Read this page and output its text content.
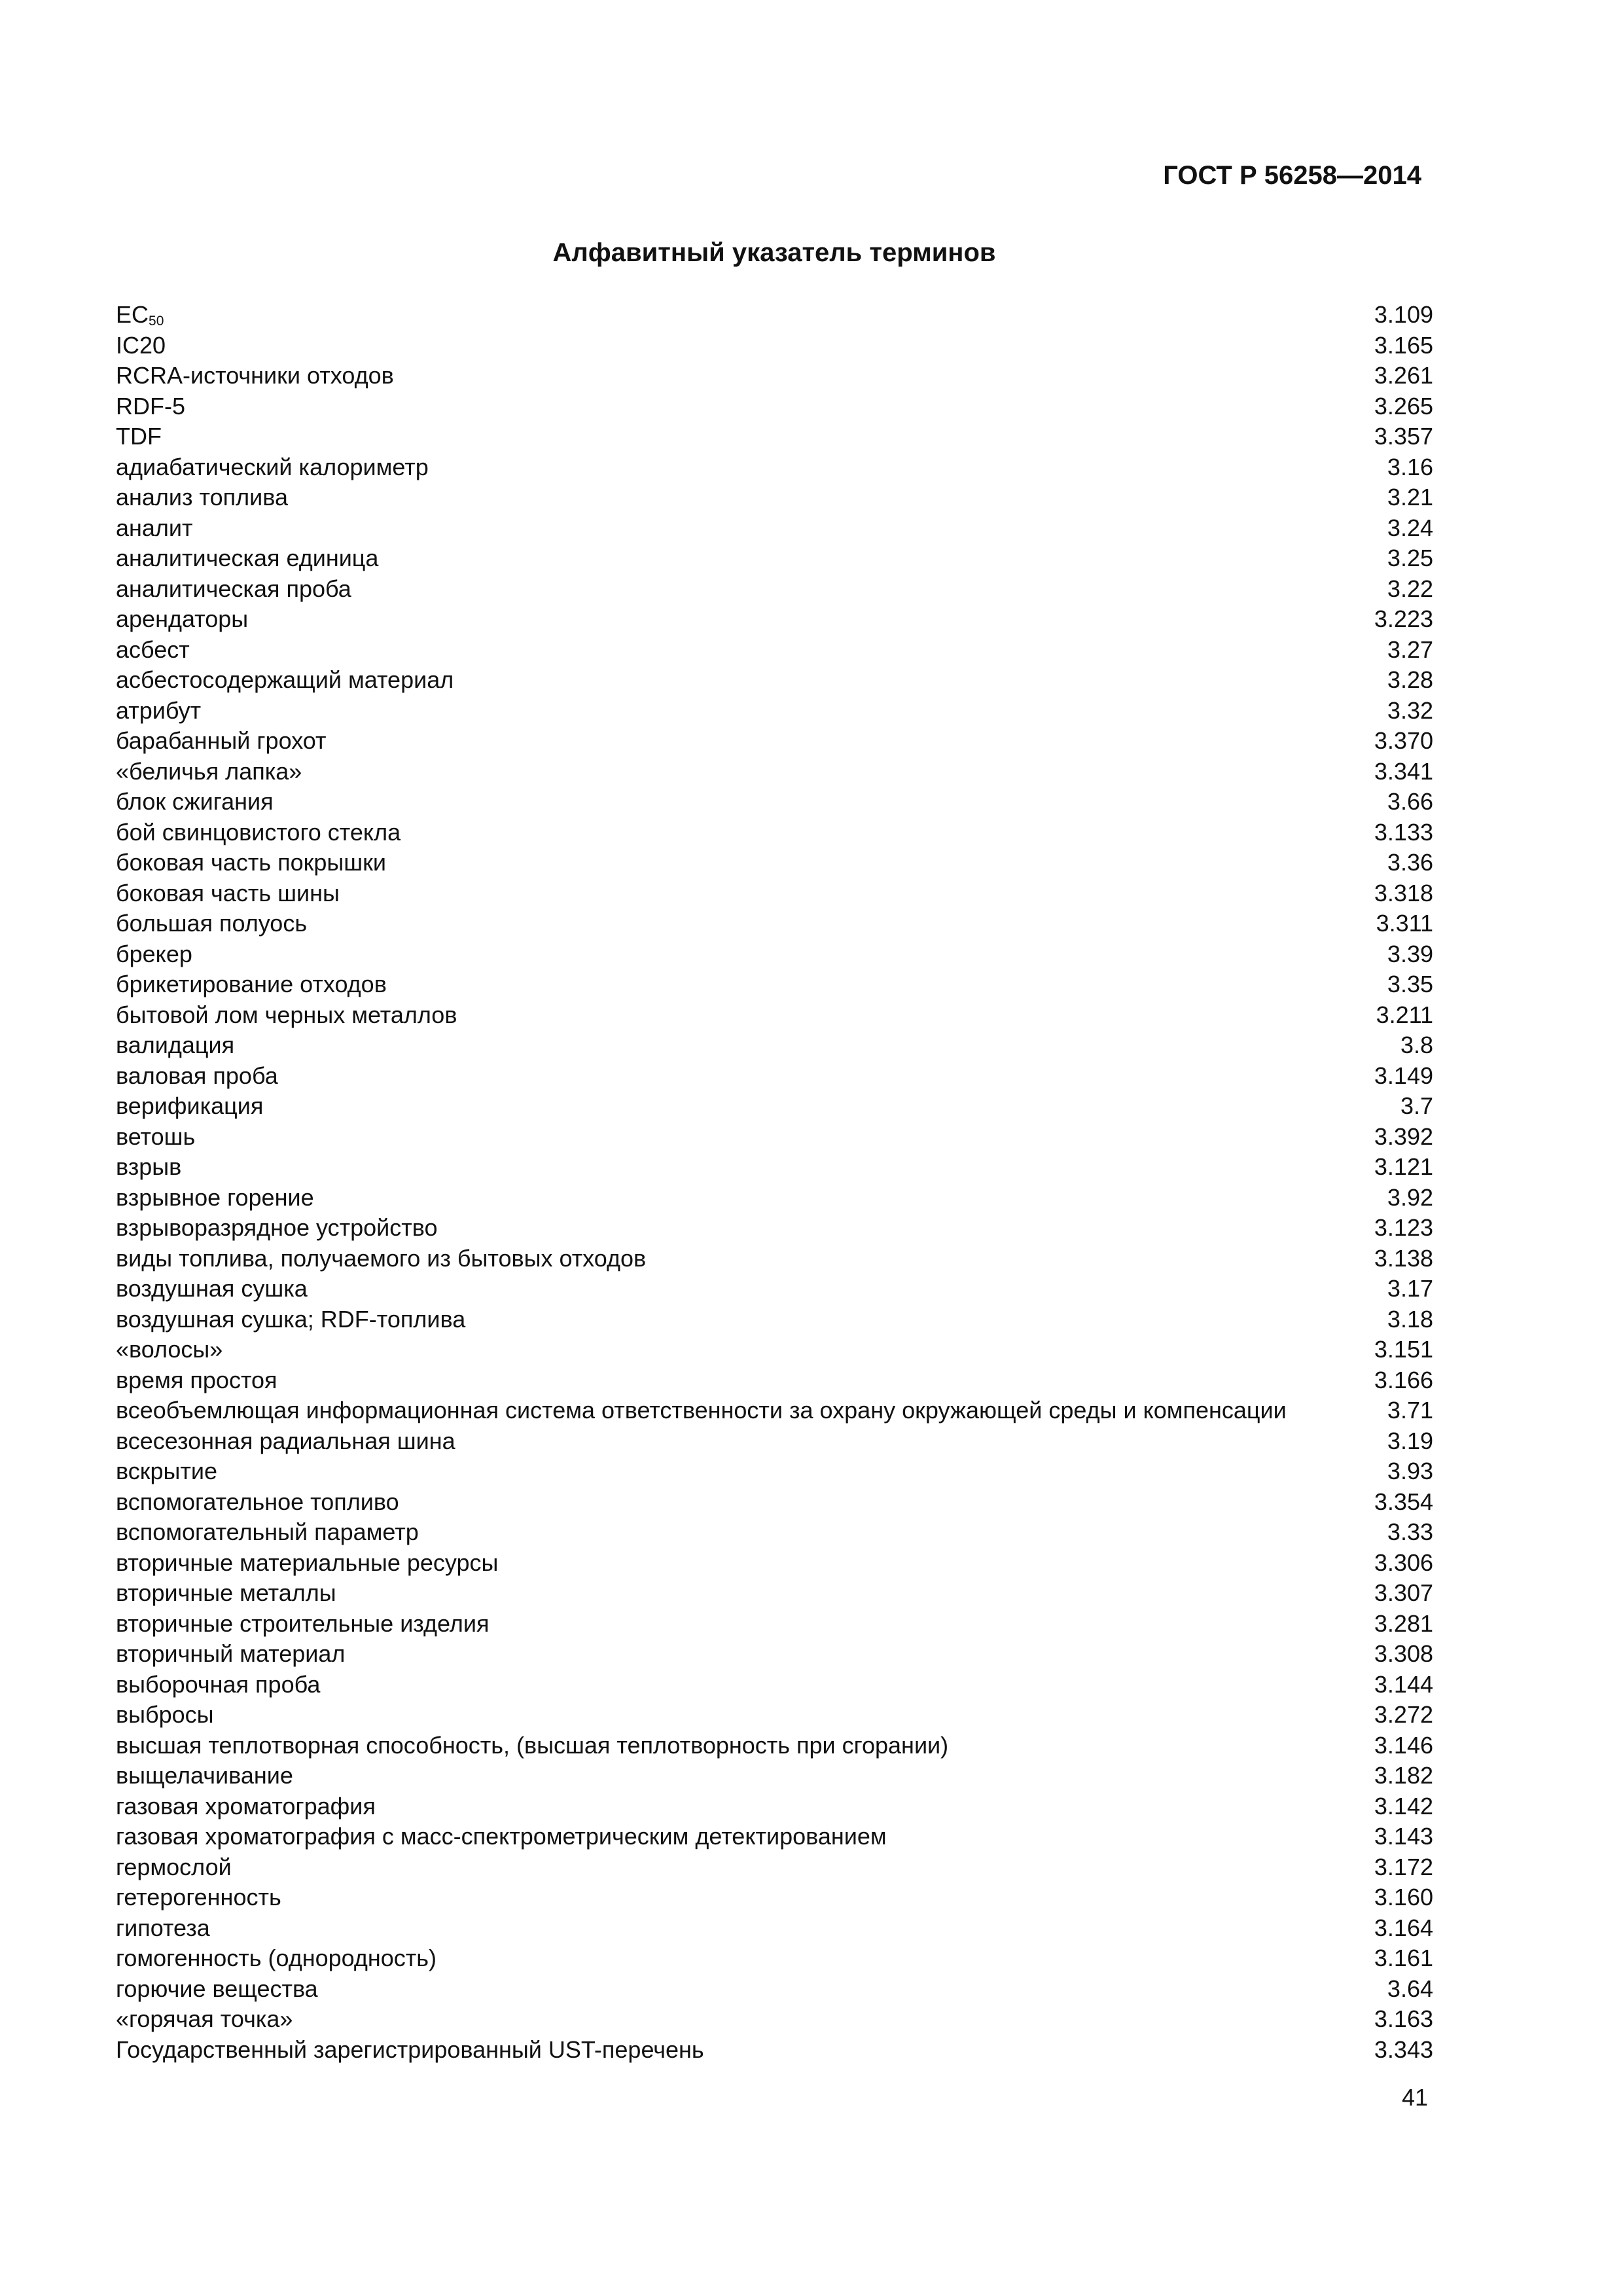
ГОСТ Р 56258—2014
Алфавитный указатель терминов
$EC_{50}$	3.109
IC20	3.165
RCRA-источники отходов	3.261
RDF-5	3.265
TDF	3.357
адиабатический калориметр	3.16
анализ топлива	3.21
аналит	3.24
аналитическая единица	3.25
аналитическая проба	3.22
арендаторы	3.223
асбест	3.27
асбестосодержащий материал	3.28
атрибут	3.32
барабанный грохот	3.370
«беличья лапка»	3.341
блок сжигания	3.66
бой свинцовистого стекла	3.133
боковая часть покрышки	3.36
боковая часть шины	3.318
большая полуось	3.311
брекер	3.39
брикетирование отходов	3.35
бытовой лом черных металлов	3.211
валидация	3.8
валовая проба	3.149
верификация	3.7
ветошь	3.392
взрыв	3.121
взрывное горение	3.92
взрыворазрядное устройство	3.123
виды топлива, получаемого из бытовых отходов	3.138
воздушная сушка	3.17
воздушная сушка; RDF-топлива	3.18
«волосы»	3.151
время простоя	3.166
всеобъемлющая информационная система ответственности за охрану окружающей среды и компенсации	3.71
всесезонная радиальная шина	3.19
вскрытие	3.93
вспомогательное топливо	3.354
вспомогательный параметр	3.33
вторичные материальные ресурсы	3.306
вторичные металлы	3.307
вторичные строительные изделия	3.281
вторичный материал	3.308
выборочная проба	3.144
выбросы	3.272
высшая теплотворная способность, (высшая теплотворность при сгорании)	3.146
выщелачивание	3.182
газовая хроматография	3.142
газовая хроматография с масс-спектрометрическим детектированием	3.143
гермослой	3.172
гетерогенность	3.160
гипотеза	3.164
гомогенность (однородность)	3.161
горючие вещества	3.64
«горячая точка»	3.163
Государственный зарегистрированный UST-перечень	3.343
41
